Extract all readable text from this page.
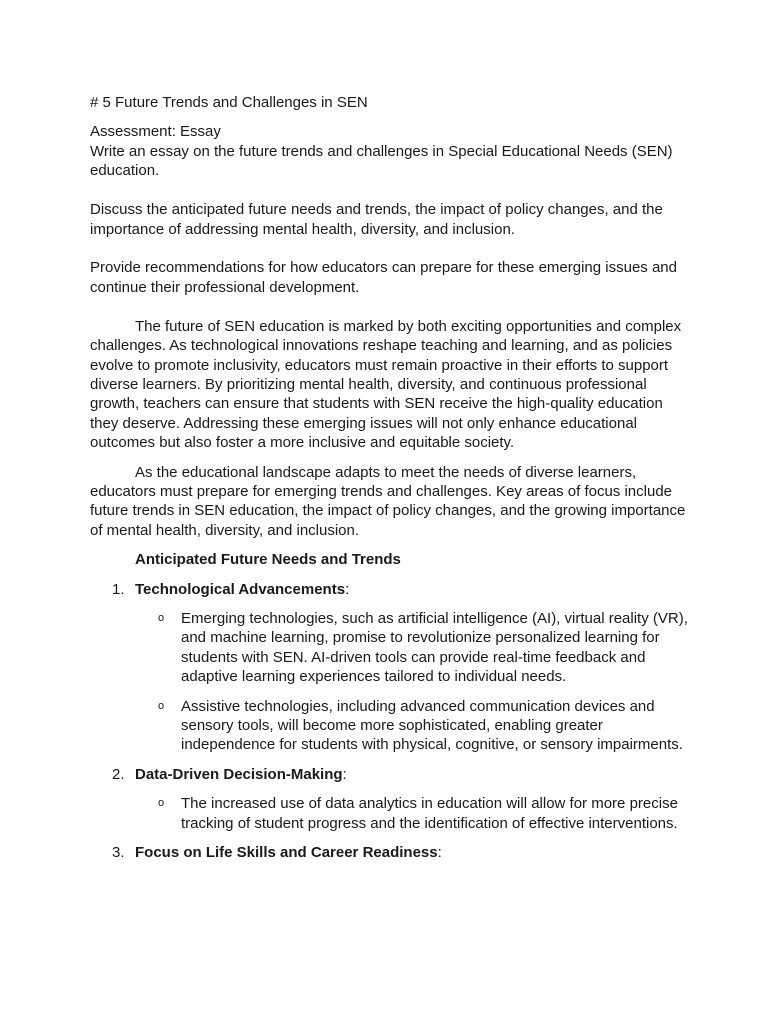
# 5 Future Trends and Challenges in SEN

Assessment: Essay

Write an essay on the future trends and challenges in Special Educational Needs (SEN) education.

Discuss the anticipated future needs and trends, the impact of policy changes, and the importance of addressing mental health, diversity, and inclusion.

Provide recommendations for how educators can prepare for these emerging issues and continue their professional development.

The future of SEN education is marked by both exciting opportunities and complex challenges. As technological innovations reshape teaching and learning, and as policies evolve to promote inclusivity, educators must remain proactive in their efforts to support diverse learners. By prioritizing mental health, diversity, and continuous professional growth, teachers can ensure that students with SEN receive the high-quality education they deserve. Addressing these emerging issues will not only enhance educational outcomes but also foster a more inclusive and equitable society.

As the educational landscape adapts to meet the needs of diverse learners, educators must prepare for emerging trends and challenges. Key areas of focus include future trends in SEN education, the impact of policy changes, and the growing importance of mental health, diversity, and inclusion.

Anticipated Future Needs and Trends

1. Technological Advancements:
o Emerging technologies, such as artificial intelligence (AI), virtual reality (VR), and machine learning, promise to revolutionize personalized learning for students with SEN. AI-driven tools can provide real-time feedback and adaptive learning experiences tailored to individual needs.
o Assistive technologies, including advanced communication devices and sensory tools, will become more sophisticated, enabling greater independence for students with physical, cognitive, or sensory impairments.
2. Data-Driven Decision-Making:
o The increased use of data analytics in education will allow for more precise tracking of student progress and the identification of effective interventions.
3. Focus on Life Skills and Career Readiness:
